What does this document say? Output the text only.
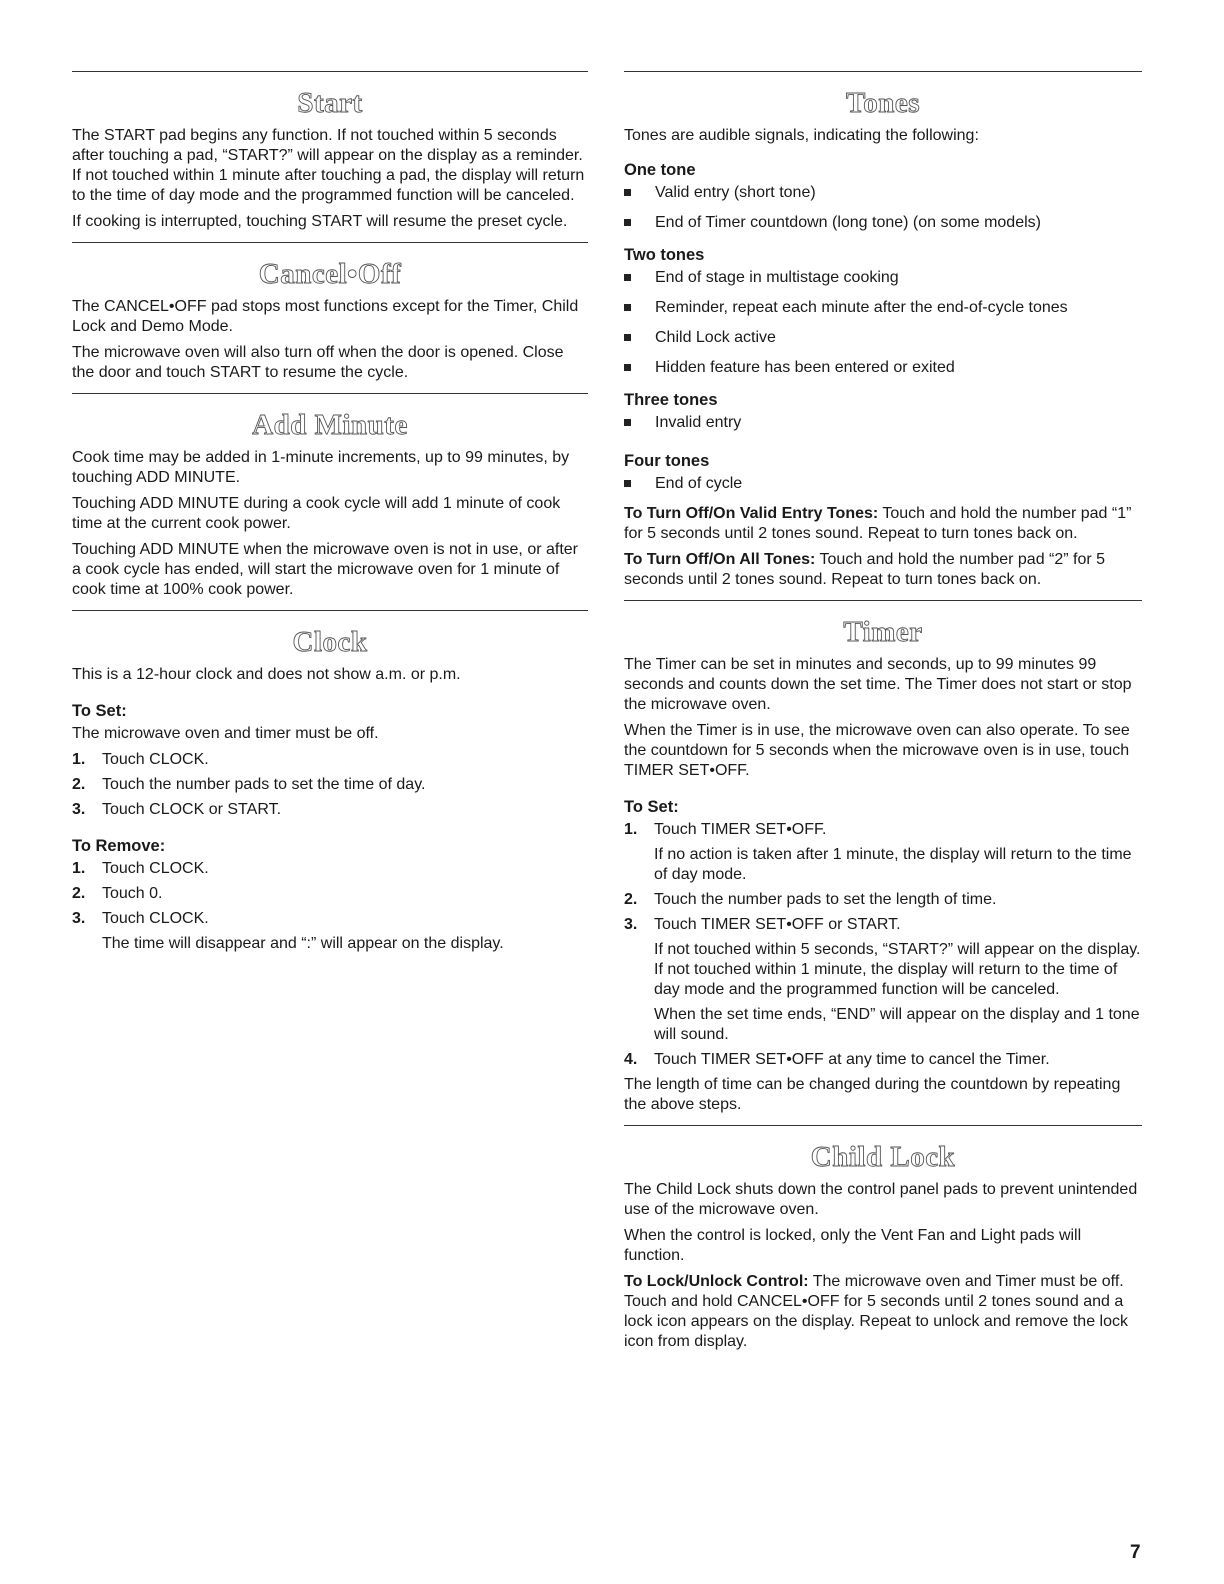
Start

The START pad begins any function. If not touched within 5 seconds after touching a pad, “START?” will appear on the display as a reminder. If not touched within 1 minute after touching a pad, the display will return to the time of day mode and the programmed function will be canceled.

If cooking is interrupted, touching START will resume the preset cycle.

Cancel•Off

The CANCEL•OFF pad stops most functions except for the Timer, Child Lock and Demo Mode.

The microwave oven will also turn off when the door is opened. Close the door and touch START to resume the cycle.

Add Minute

Cook time may be added in 1-minute increments, up to 99 minutes, by touching ADD MINUTE.

Touching ADD MINUTE during a cook cycle will add 1 minute of cook time at the current cook power.

Touching ADD MINUTE when the microwave oven is not in use, or after a cook cycle has ended, will start the microwave oven for 1 minute of cook time at 100% cook power.

Clock

This is a 12-hour clock and does not show a.m. or p.m.

To Set:

The microwave oven and timer must be off.

1. Touch CLOCK.
2. Touch the number pads to set the time of day.
3. Touch CLOCK or START.
To Remove:
1. Touch CLOCK.
2. Touch 0.
3. Touch CLOCK.

The time will disappear and “:” will appear on the display.

Tones

Tones are audible signals, indicating the following:

One tone
Valid entry (short tone)
End of Timer countdown (long tone) (on some models)
Two tones
End of stage in multistage cooking
Reminder, repeat each minute after the end-of-cycle tones
Child Lock active
Hidden feature has been entered or exited
Three tones
Invalid entry
Four tones
End of cycle

To Turn Off/On Valid Entry Tones: Touch and hold the number pad “1” for 5 seconds until 2 tones sound. Repeat to turn tones back on.

To Turn Off/On All Tones: Touch and hold the number pad “2” for 5 seconds until 2 tones sound. Repeat to turn tones back on.

Timer

The Timer can be set in minutes and seconds, up to 99 minutes 99 seconds and counts down the set time. The Timer does not start or stop the microwave oven.

When the Timer is in use, the microwave oven can also operate. To see the countdown for 5 seconds when the microwave oven is in use, touch TIMER SET•OFF.

To Set:
1. Touch TIMER SET•OFF.
If no action is taken after 1 minute, the display will return to the time of day mode.
2. Touch the number pads to set the length of time.
3. Touch TIMER SET•OFF or START.
If not touched within 5 seconds, “START?” will appear on the display. If not touched within 1 minute, the display will return to the time of day mode and the programmed function will be canceled.
When the set time ends, “END” will appear on the display and 1 tone will sound.
4. Touch TIMER SET•OFF at any time to cancel the Timer.

The length of time can be changed during the countdown by repeating the above steps.

Child Lock

The Child Lock shuts down the control panel pads to prevent unintended use of the microwave oven.

When the control is locked, only the Vent Fan and Light pads will function.

To Lock/Unlock Control: The microwave oven and Timer must be off. Touch and hold CANCEL•OFF for 5 seconds until 2 tones sound and a lock icon appears on the display. Repeat to unlock and remove the lock icon from display.

7
